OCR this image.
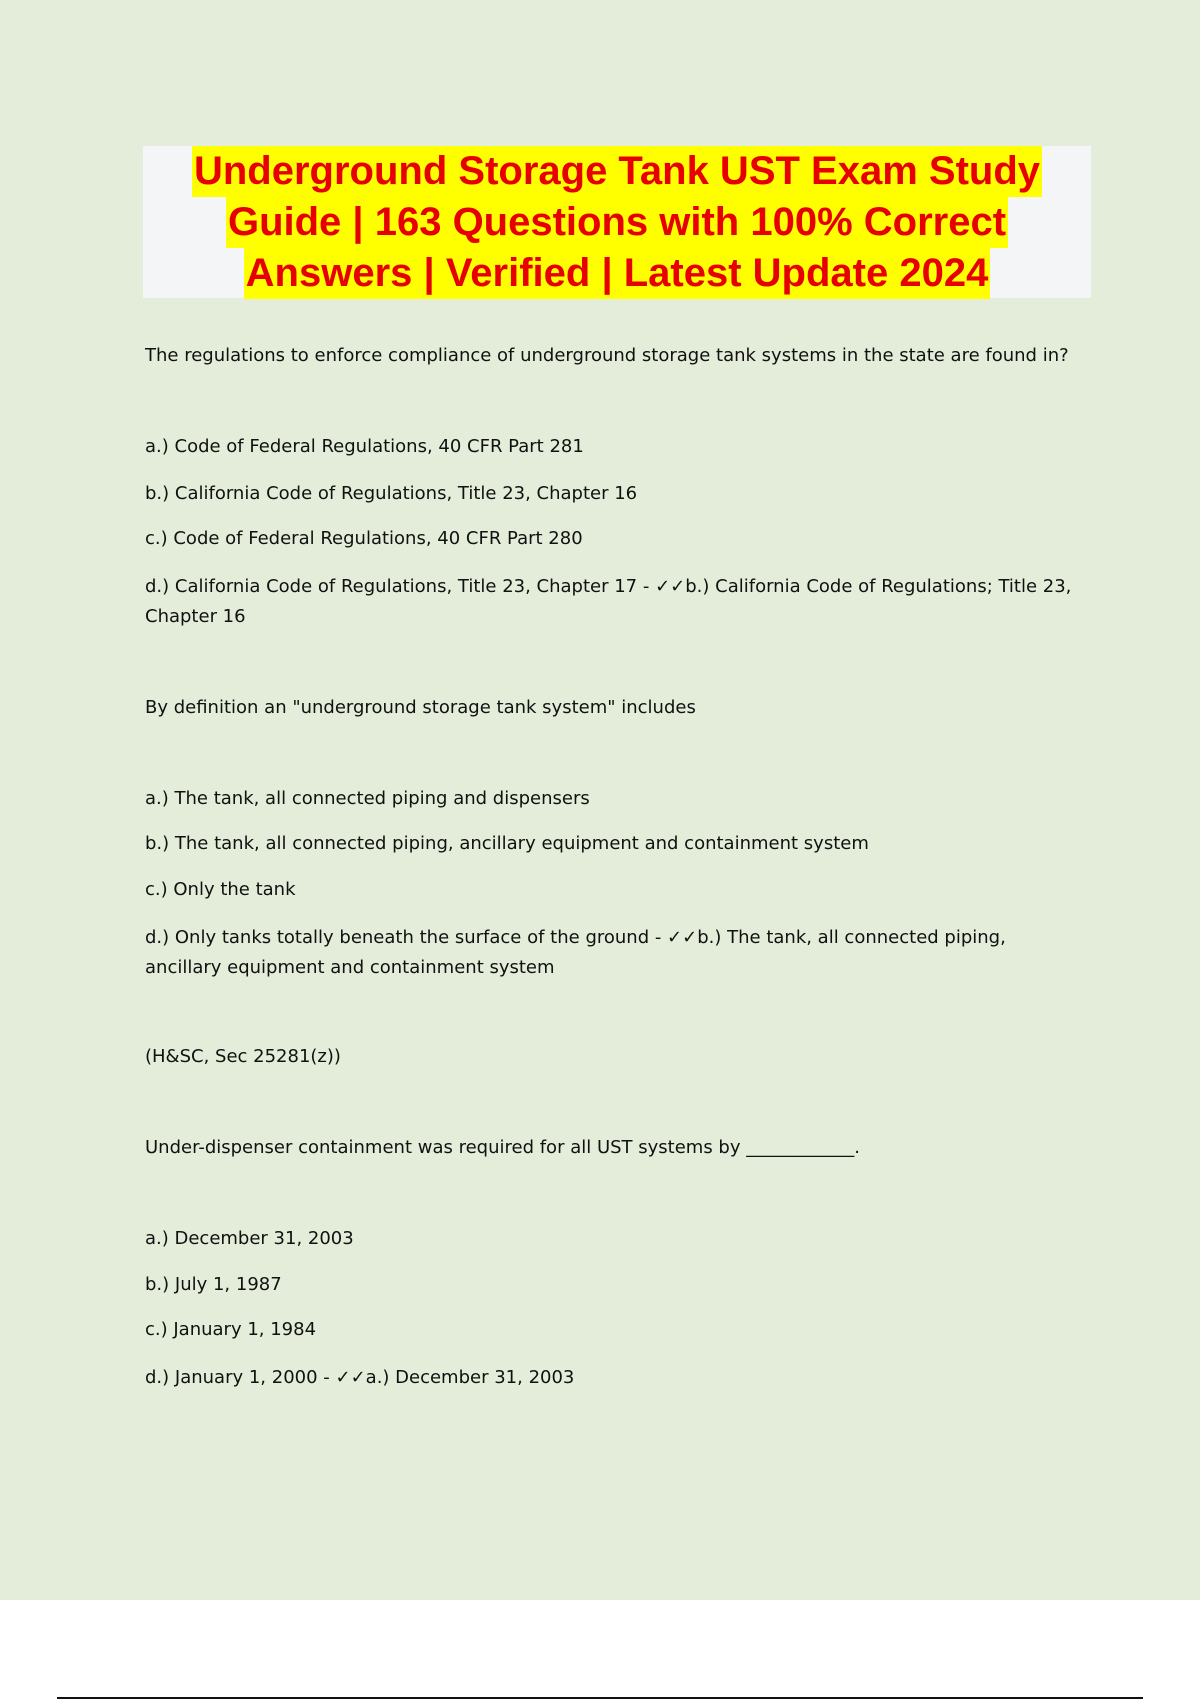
Underground Storage Tank UST Exam Study
Guide | 163 Questions with 100% Correct
Answers | Verified | Latest Update 2024
The regulations to enforce compliance of underground storage tank systems in the state are found in?
a.) Code of Federal Regulations, 40 CFR Part 281
b.) California Code of Regulations, Title 23, Chapter 16
c.) Code of Federal Regulations, 40 CFR Part 280
d.) California Code of Regulations, Title 23, Chapter 17 - ✓✓b.) California Code of Regulations; Title 23, Chapter 16
By definition an "underground storage tank system" includes
a.) The tank, all connected piping and dispensers
b.) The tank, all connected piping, ancillary equipment and containment system
c.) Only the tank
d.) Only tanks totally beneath the surface of the ground - ✓✓b.) The tank, all connected piping, ancillary equipment and containment system
(H&SC, Sec 25281(z))
Under-dispenser containment was required for all UST systems by ____________.
a.) December 31, 2003
b.) July 1, 1987
c.) January 1, 1984
d.) January 1, 2000 - ✓✓a.) December 31, 2003
